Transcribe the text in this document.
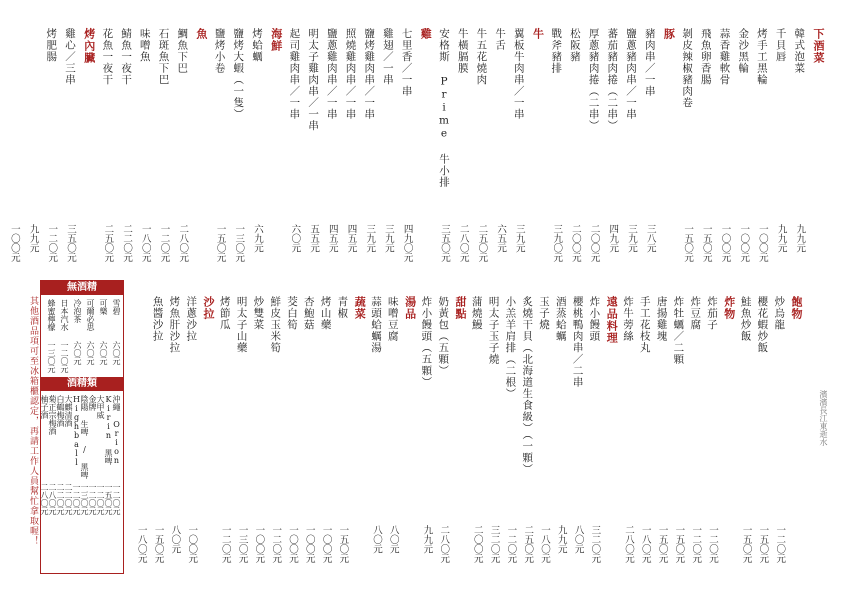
濱濱長江東逝水
下酒菜
韓式泡菜
九九元
千貝唇
九九元
烤手工黑輪
一〇〇元
金沙黑輪
一〇〇元
蒜香雞軟骨
一〇〇元
飛魚卵香腸
一五〇元
剝皮辣椒豬肉卷
一五〇元
豚
豬肉串／一串
三八元
鹽蔥豬肉串／一串
三九元
蕃茄豬肉捲（二串）
四九元
厚蔥豬肉捲（二串）
二〇〇元
松阪豬
二〇〇元
戰斧豬排
三九〇元
牛
翼板牛肉串／一串
三九元
牛舌
六五元
牛五花燒肉
二五〇元
牛橫膈膜
二八〇元
安格斯 Prime 牛小排
三五〇元
雞
七里香／一串
四九〇元
雞翅／一串
三九元
鹽烤雞肉串／一串
三九元
照燒雞肉串／一串
四五元
鹽蔥雞肉串／一串
四五元
明太子雞肉串／一串
五五元
起司雞肉串／一串
六〇元
海鮮
烤蛤蠣
六九元
鹽烤大蝦（一隻）
一三〇元
鹽烤小卷
一五〇元
魚
鯛魚下巴
二八〇元
石斑魚下巴
一二〇元
味噌魚
一八〇元
鯖魚一夜干
二二〇元
花魚一夜干
二五〇元
烤內臟
雞心／三串
三五〇元
烤肥腸
一二〇元
九九元
一〇〇元
飽物
炒烏龍
一二〇元
櫻花蝦炒飯
一五〇元
鮭魚炒飯
一五〇元
炸物
炸茄子
一二〇元
炸豆腐
一二〇元
炸牡蠣／二顆
一五〇元
唐揚雞塊
一五〇元
手工花枝丸
一八〇元
炸牛蒡絲
二八〇元
遠品料理
炸小饅頭
三二〇元
櫻桃鴨肉串／二串
八〇元
酒蒸蛤蠣
九九元
玉子燒
一八〇元
炙燒干貝（北海道生食級）（一顆）
二五〇元
小羔羊肩排（二根）
一二〇元
明太子玉子燒
三二〇元
蒲燒鰻
二〇〇元
甜點
奶黃包（五顆）
二八〇元
炸小饅頭（五顆）
九九元
湯品
味噌豆腐
八〇元
蒜頭蛤蠣湯
八〇元
蔬菜
青椒
一五〇元
烤山藥
一〇〇元
杏鮑菇
一〇〇元
茭白筍
一〇〇元
鮮皮玉米筍
一二〇元
炒雙菜
一〇〇元
明太子山藥
一三〇元
烤節瓜
一二〇元
沙拉
洋蔥沙拉
一〇〇元
烤魚肝沙拉
八〇元
魚醬沙拉
一五〇元
一八〇元
無酒精
雪碧
六〇元
可樂
六〇元
可爾必思
六〇元
冷泡茶
六〇元
日本汽水
一二〇元
蜂蜜檸檬
一三〇元
酒精類
沖繩 Orion
一二〇元
Kirin 黑啤
一五〇元
大甲威
一二〇元
金牌
一二〇元
陰陽 生啤 / 黑啤
一三〇元
Highball
一二〇元
大麒清酒
二二〇元
白鶴梅酒
二二〇元
菊正宗梅酒
二八〇元
柚子酒
二八〇元
其他酒品項可至冰箱櫃認定，再請工作人員幫忙拿取喔！
